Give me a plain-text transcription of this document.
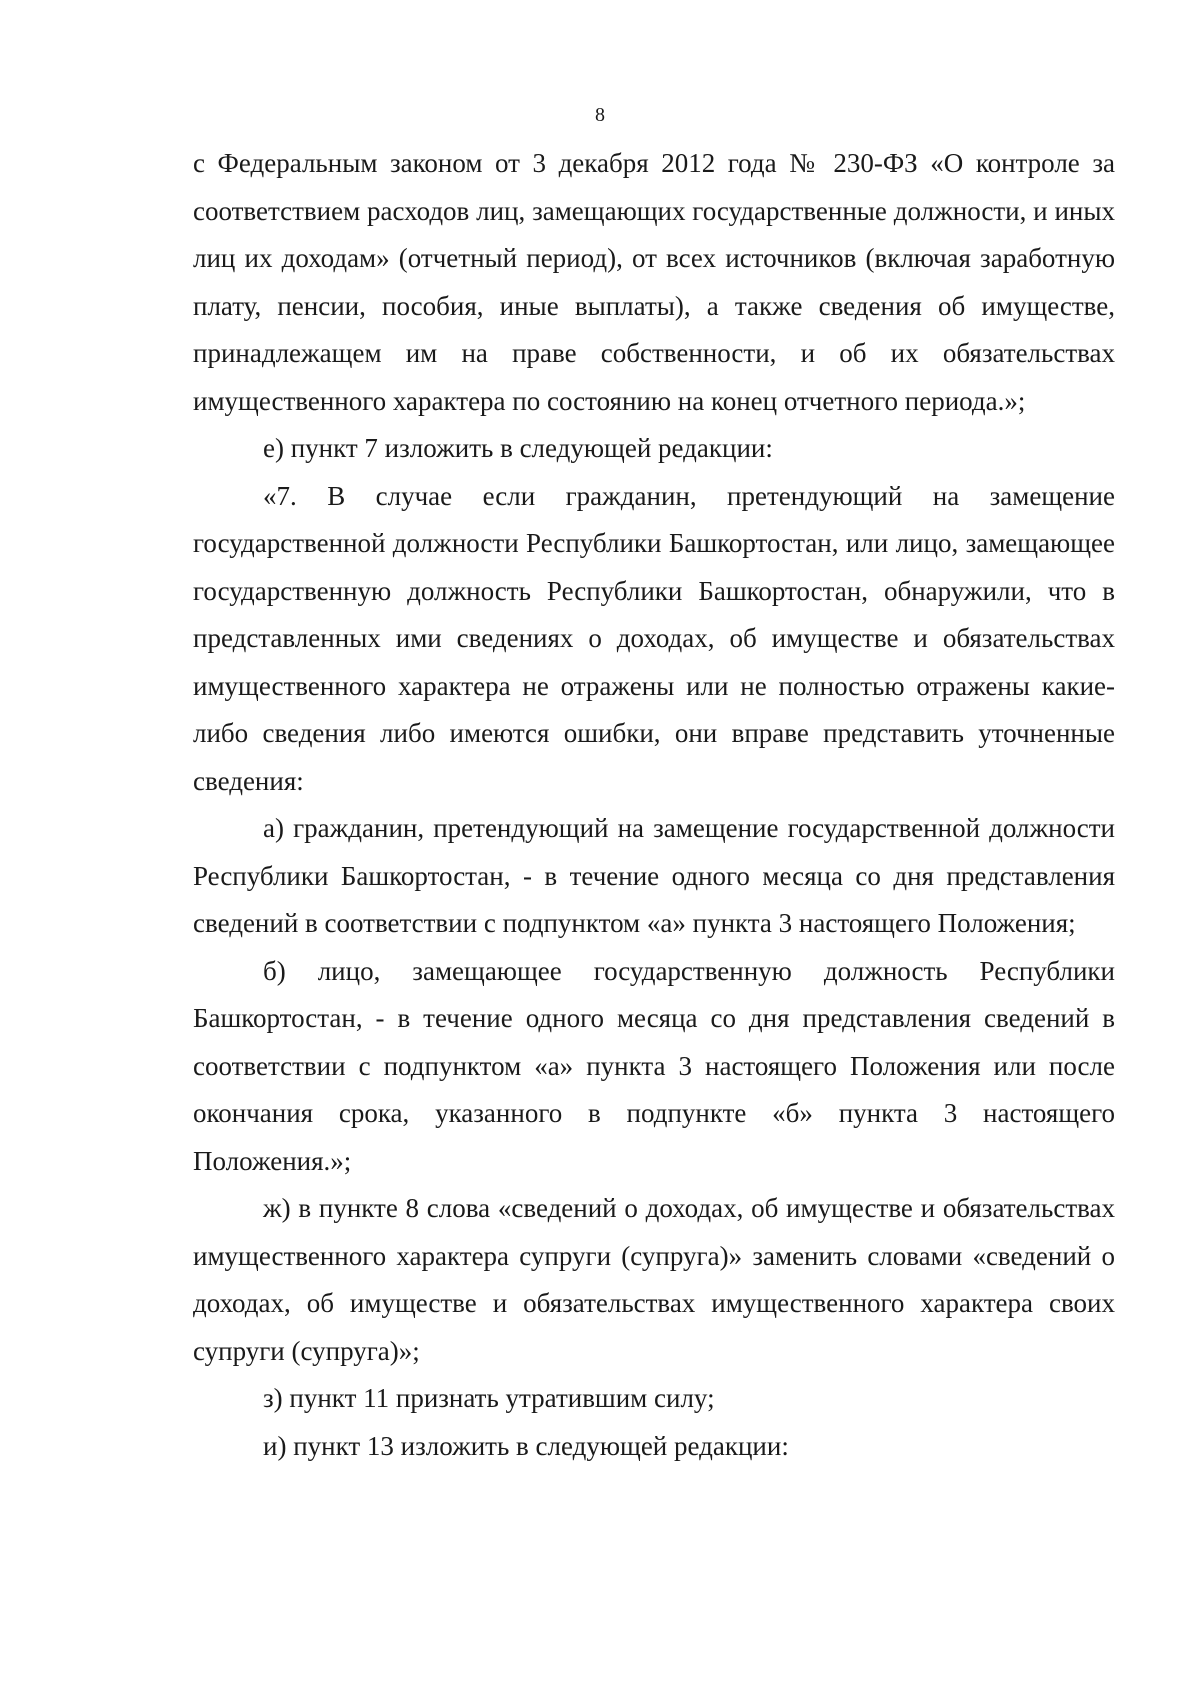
8

с Федеральным законом от 3 декабря 2012 года № 230-ФЗ «О контроле за соответствием расходов лиц, замещающих государственные должности, и иных лиц их доходам» (отчетный период), от всех источников (включая заработную плату, пенсии, пособия, иные выплаты), а также сведения об имуществе, принадлежащем им на праве собственности, и об их обязательствах имущественного характера по состоянию на конец отчетного периода.»;

е) пункт 7 изложить в следующей редакции:

«7. В случае если гражданин, претендующий на замещение государственной должности Республики Башкортостан, или лицо, замещающее государственную должность Республики Башкортостан, обнаружили, что в представленных ими сведениях о доходах, об имуществе и обязательствах имущественного характера не отражены или не полностью отражены какие-либо сведения либо имеются ошибки, они вправе представить уточненные сведения:

а) гражданин, претендующий на замещение государственной должности Республики Башкортостан, - в течение одного месяца со дня представления сведений в соответствии с подпунктом «а» пункта 3 настоящего Положения;

б) лицо, замещающее государственную должность Республики Башкортостан, - в течение одного месяца со дня представления сведений в соответствии с подпунктом «а» пункта 3 настоящего Положения или после окончания срока, указанного в подпункте «б» пункта 3 настоящего Положения.»;

ж) в пункте 8 слова «сведений о доходах, об имуществе и обязательствах имущественного характера супруги (супруга)» заменить словами «сведений о доходах, об имуществе и обязательствах имущественного характера своих супруги (супруга)»;

з) пункт 11 признать утратившим силу;

и) пункт 13 изложить в следующей редакции:
